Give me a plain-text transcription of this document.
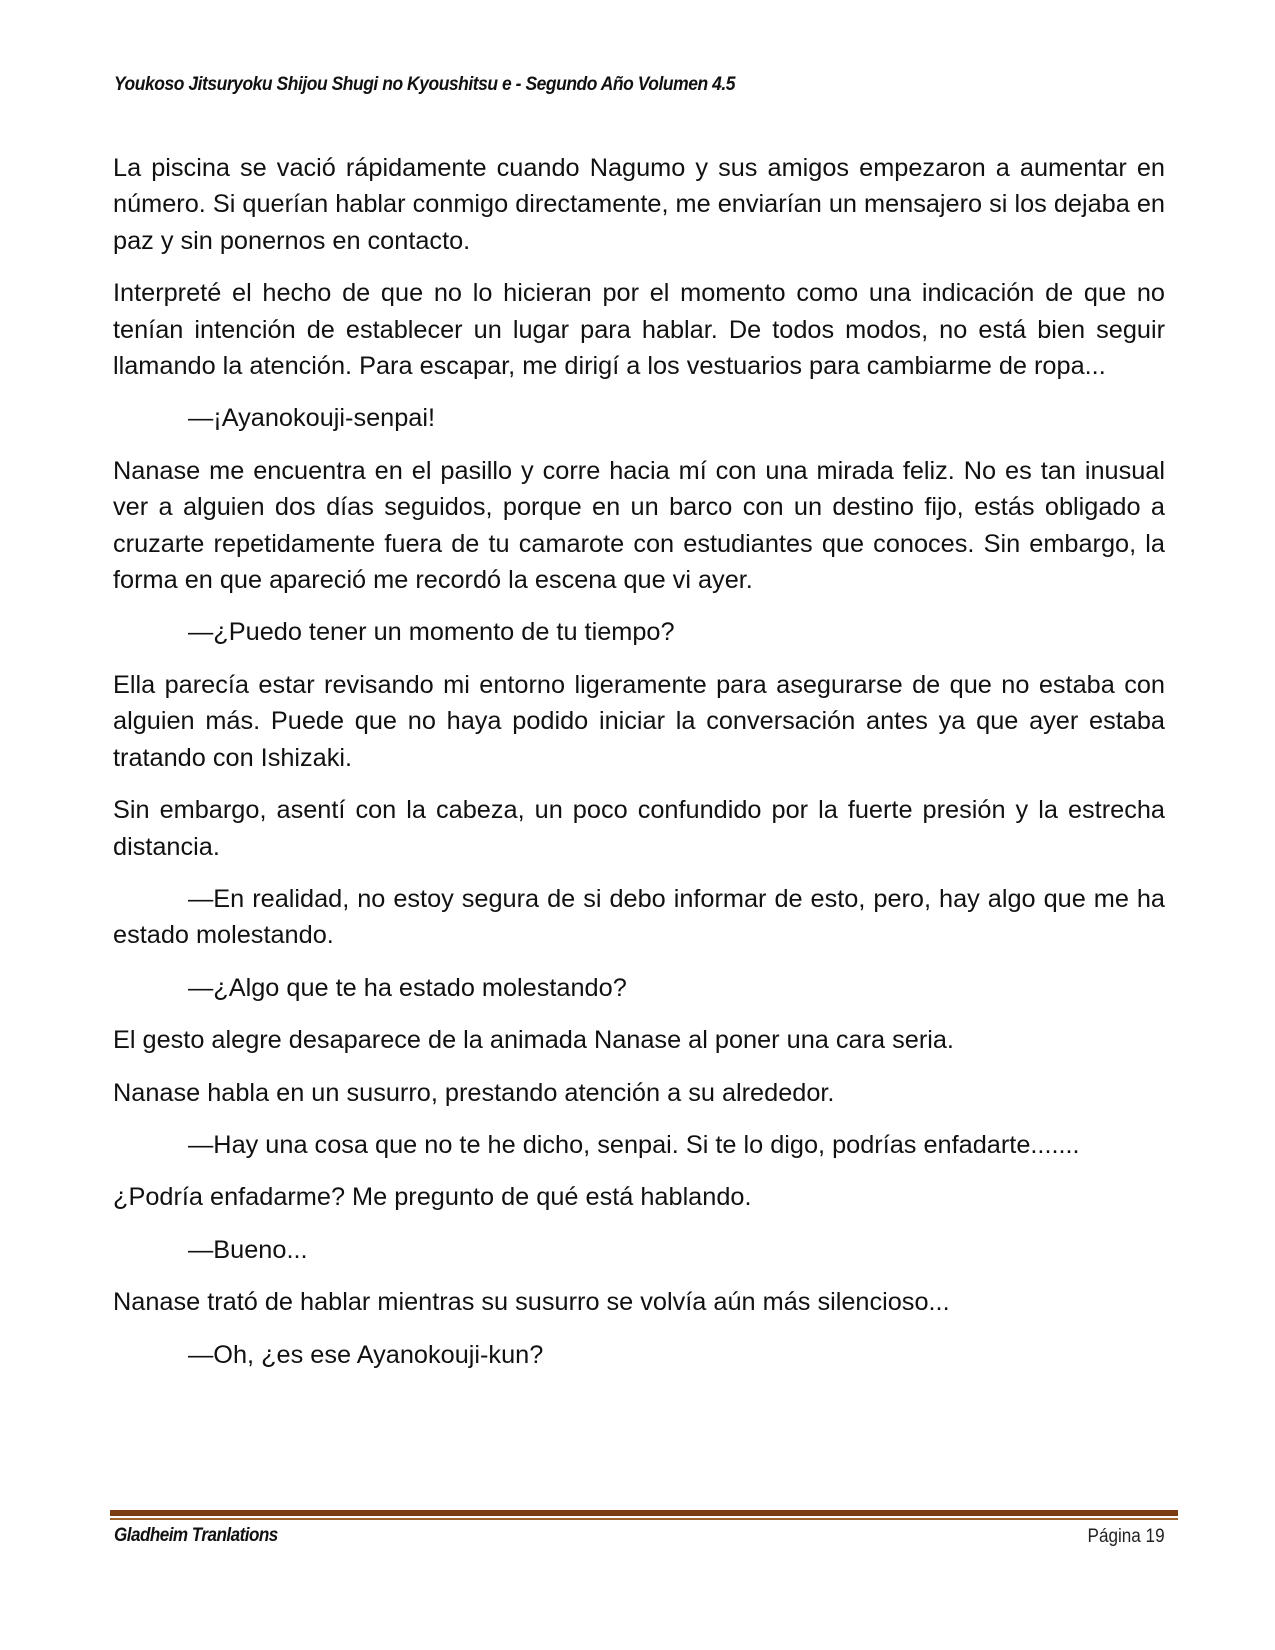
Youkoso Jitsuryoku Shijou Shugi no Kyoushitsu e - Segundo Año Volumen 4.5

La piscina se vació rápidamente cuando Nagumo y sus amigos empezaron a aumentar en número. Si querían hablar conmigo directamente, me enviarían un mensajero si los dejaba en paz y sin ponernos en contacto.

Interpreté el hecho de que no lo hicieran por el momento como una indicación de que no tenían intención de establecer un lugar para hablar. De todos modos, no está bien seguir llamando la atención. Para escapar, me dirigí a los vestuarios para cambiarme de ropa...

—¡Ayanokouji-senpai!

Nanase me encuentra en el pasillo y corre hacia mí con una mirada feliz. No es tan inusual ver a alguien dos días seguidos, porque en un barco con un destino fijo, estás obligado a cruzarte repetidamente fuera de tu camarote con estudiantes que conoces. Sin embargo, la forma en que apareció me recordó la escena que vi ayer.

—¿Puedo tener un momento de tu tiempo?

Ella parecía estar revisando mi entorno ligeramente para asegurarse de que no estaba con alguien más. Puede que no haya podido iniciar la conversación antes ya que ayer estaba tratando con Ishizaki.

Sin embargo, asentí con la cabeza, un poco confundido por la fuerte presión y la estrecha distancia.

—En realidad, no estoy segura de si debo informar de esto, pero, hay algo que me ha estado molestando.

—¿Algo que te ha estado molestando?

El gesto alegre desaparece de la animada Nanase al poner una cara seria.

Nanase habla en un susurro, prestando atención a su alrededor.

—Hay una cosa que no te he dicho, senpai. Si te lo digo, podrías enfadarte.......

¿Podría enfadarme? Me pregunto de qué está hablando.

—Bueno...

Nanase trató de hablar mientras su susurro se volvía aún más silencioso...

—Oh, ¿es ese Ayanokouji-kun?

Gladheim Tranlations	Página 19
